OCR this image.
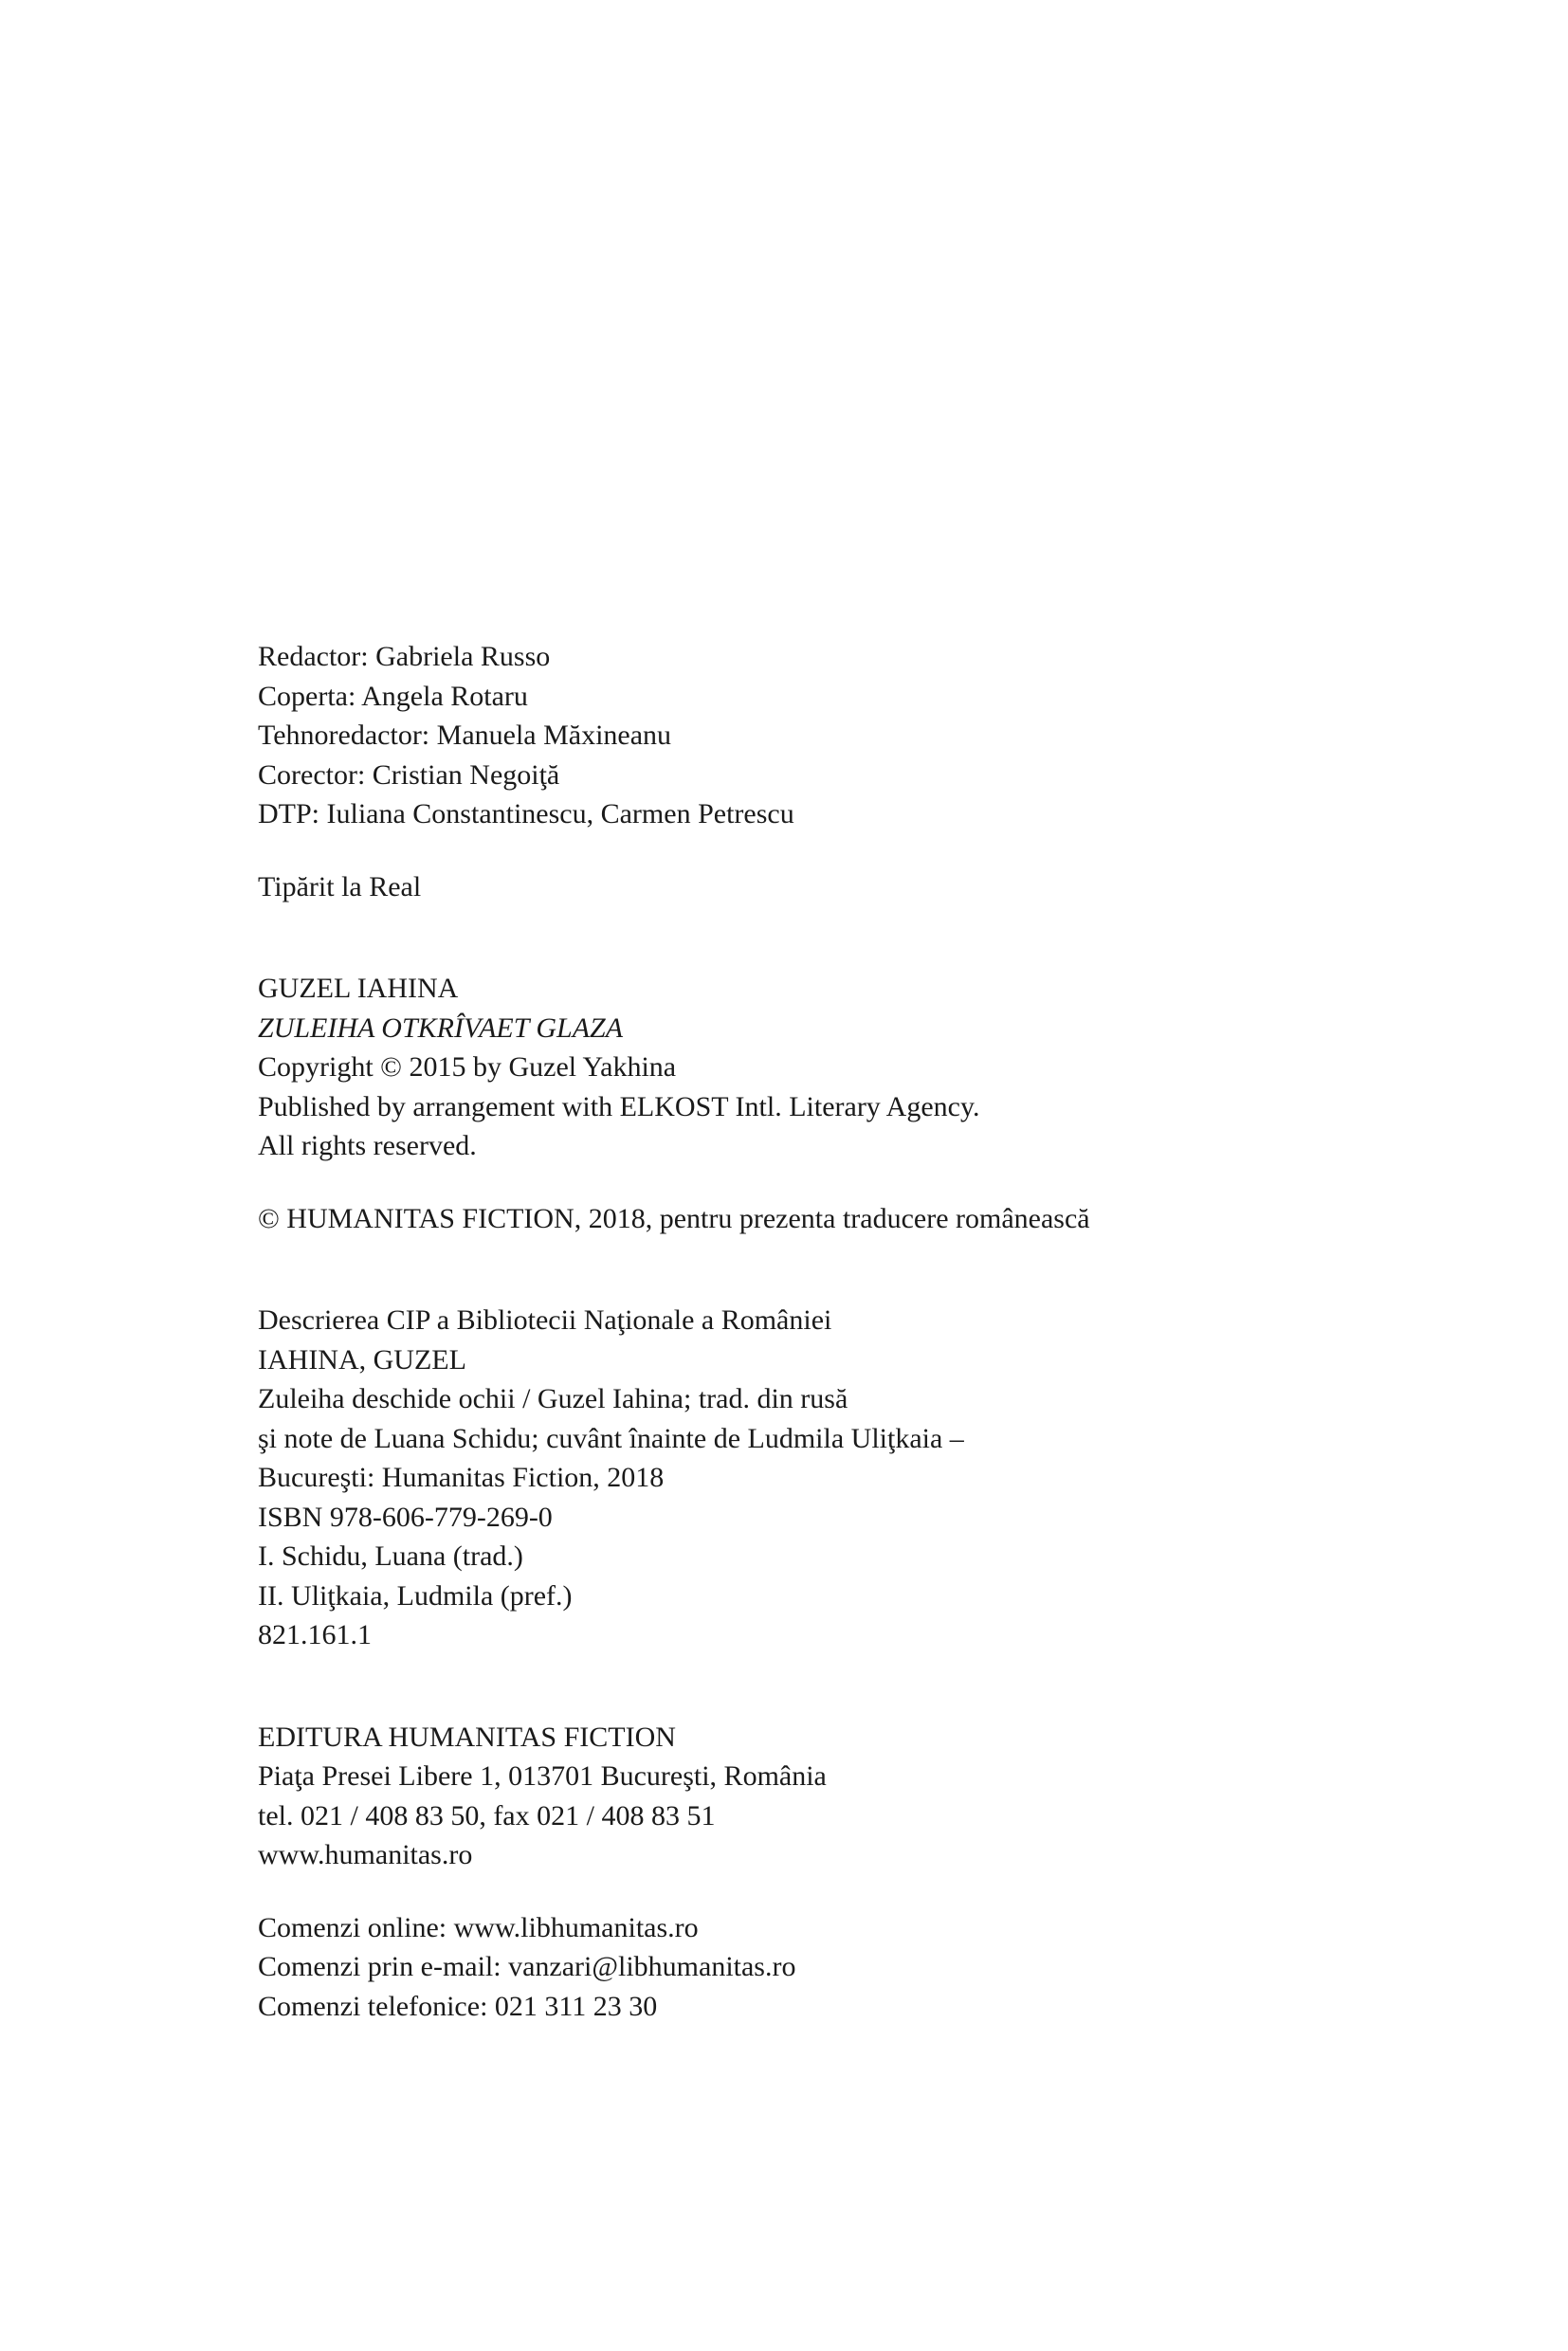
Redactor: Gabriela Russo
Coperta: Angela Rotaru
Tehnoredactor: Manuela Măxineanu
Corector: Cristian Negoiţă
DTP: Iuliana Constantinescu, Carmen Petrescu
Tipărit la Real
GUZEL IAHINA
ZULEIHA OTKRÎVAET GLAZA
Copyright © 2015 by Guzel Yakhina
Published by arrangement with ELKOST Intl. Literary Agency.
All rights reserved.
© HUMANITAS FICTION, 2018, pentru prezenta traducere românească
Descrierea CIP a Bibliotecii Naţionale a României
IAHINA, GUZEL
Zuleiha deschide ochii / Guzel Iahina; trad. din rusă
şi note de Luana Schidu; cuvânt înainte de Ludmila Uliţkaia –
Bucureşti: Humanitas Fiction, 2018
ISBN 978-606-779-269-0
I. Schidu, Luana (trad.)
II. Uliţkaia, Ludmila (pref.)
821.161.1
EDITURA HUMANITAS FICTION
Piaţa Presei Libere 1, 013701 Bucureşti, România
tel. 021 / 408 83 50, fax 021 / 408 83 51
www.humanitas.ro
Comenzi online: www.libhumanitas.ro
Comenzi prin e-mail: vanzari@libhumanitas.ro
Comenzi telefonice: 021 311 23 30
